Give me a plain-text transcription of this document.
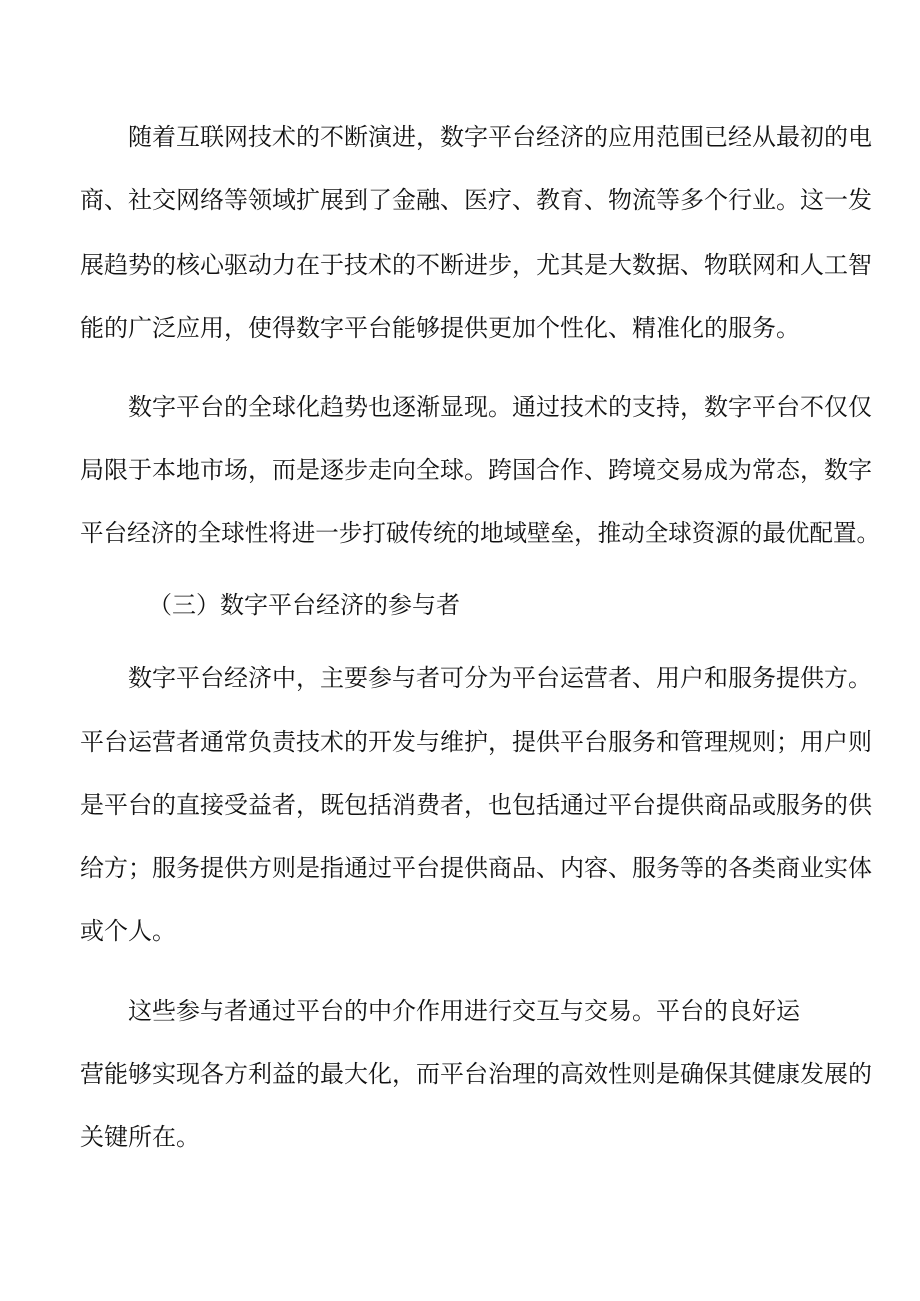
随着互联网技术的不断演进，数字平台经济的应用范围已经从最初的电
商、社交网络等领域扩展到了金融、医疗、教育、物流等多个行业。这一发
展趋势的核心驱动力在于技术的不断进步，尤其是大数据、物联网和人工智
能的广泛应用，使得数字平台能够提供更加个性化、精准化的服务。
数字平台的全球化趋势也逐渐显现。通过技术的支持，数字平台不仅仅
局限于本地市场，而是逐步走向全球。跨国合作、跨境交易成为常态，数字
平台经济的全球性将进一步打破传统的地域壁垒，推动全球资源的最优配置。
（三）数字平台经济的参与者
数字平台经济中，主要参与者可分为平台运营者、用户和服务提供方。
平台运营者通常负责技术的开发与维护，提供平台服务和管理规则；用户则
是平台的直接受益者，既包括消费者，也包括通过平台提供商品或服务的供
给方；服务提供方则是指通过平台提供商品、内容、服务等的各类商业实体
或个人。
这些参与者通过平台的中介作用进行交互与交易。平台的良好运
营能够实现各方利益的最大化，而平台治理的高效性则是确保其健康发展的
关键所在。
